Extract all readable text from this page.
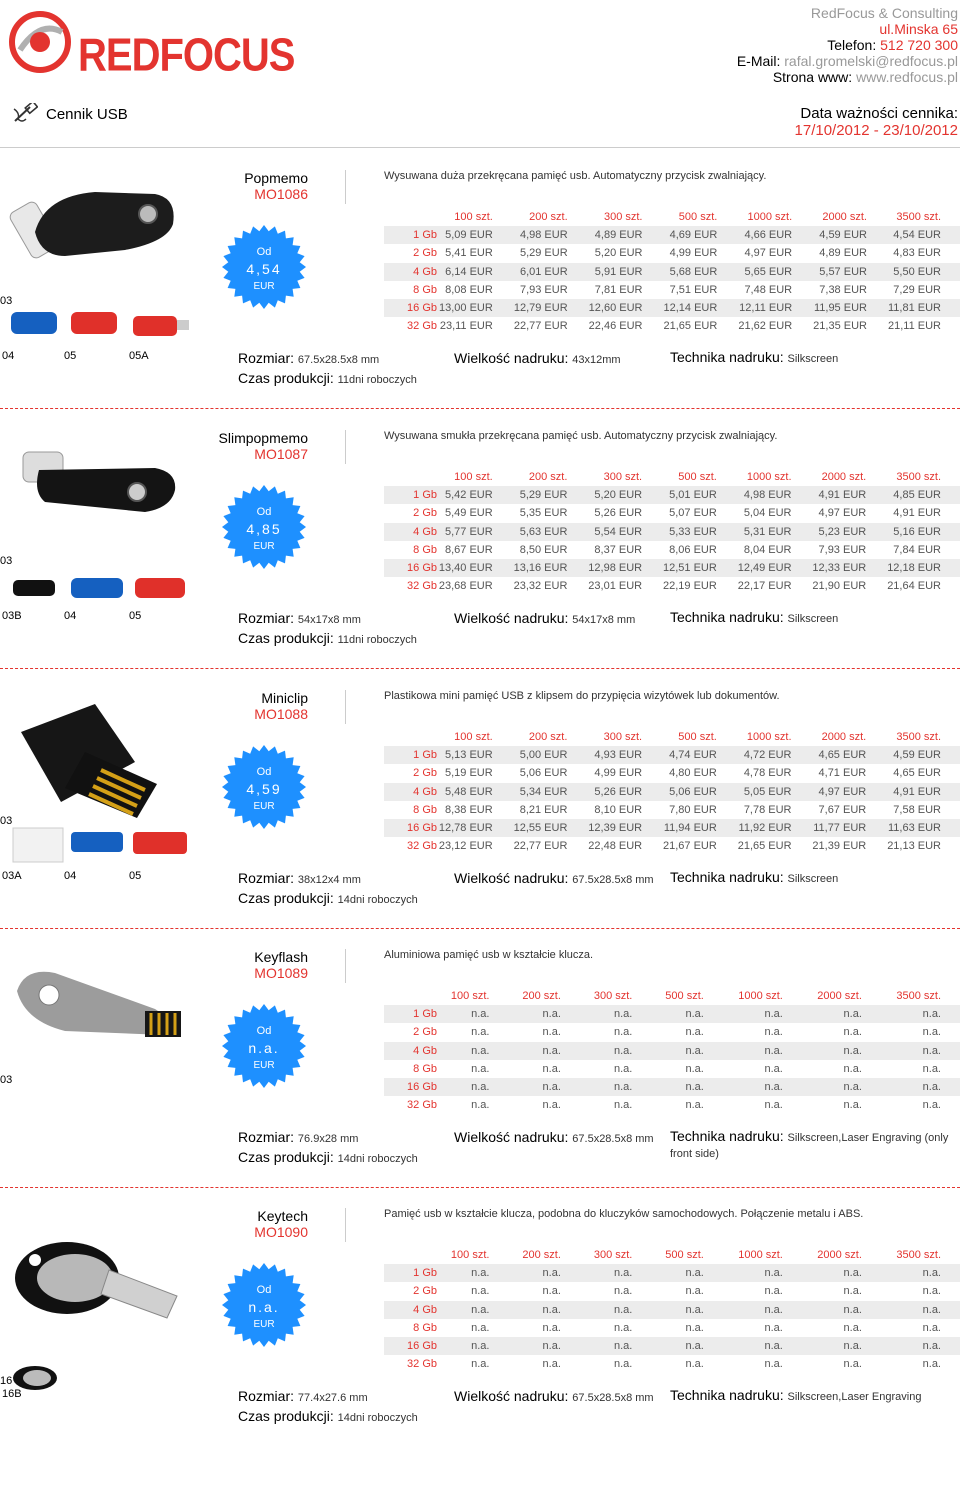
REDFOCUS
RedFocus & Consulting
ul.Minska 65
Telefon: 512 720 300
E-Mail: rafal.gromelski@redfocus.pl
Strona www: www.redfocus.pl
Cennik USB	Data ważności cennika:
17/10/2012 - 23/10/2012
03
04	05	05A
Popmemo
MO1086
Wysuwana duża przekręcana pamięć usb. Automatyczny przycisk zwalniający.
Od
4,54
EUR
	100 szt.	200 szt.	300 szt.	500 szt.	1000 szt.	2000 szt.	3500 szt.
1 Gb	5,09 EUR	4,98 EUR	4,89 EUR	4,69 EUR	4,66 EUR	4,59 EUR	4,54 EUR
2 Gb	5,41 EUR	5,29 EUR	5,20 EUR	4,99 EUR	4,97 EUR	4,89 EUR	4,83 EUR
4 Gb	6,14 EUR	6,01 EUR	5,91 EUR	5,68 EUR	5,65 EUR	5,57 EUR	5,50 EUR
8 Gb	8,08 EUR	7,93 EUR	7,81 EUR	7,51 EUR	7,48 EUR	7,38 EUR	7,29 EUR
16 Gb	13,00 EUR	12,79 EUR	12,60 EUR	12,14 EUR	12,11 EUR	11,95 EUR	11,81 EUR
32 Gb	23,11 EUR	22,77 EUR	22,46 EUR	21,65 EUR	21,62 EUR	21,35 EUR	21,11 EUR
Rozmiar: 67.5x28.5x8 mm	Wielkość nadruku: 43x12mm	Technika nadruku: Silkscreen
Czas produkcji: 11dni roboczych
03
03B	04	05
Slimpopmemo
MO1087
Wysuwana smukła przekręcana pamięć usb. Automatyczny przycisk zwalniający.
Od
4,85
EUR
	100 szt.	200 szt.	300 szt.	500 szt.	1000 szt.	2000 szt.	3500 szt.
1 Gb	5,42 EUR	5,29 EUR	5,20 EUR	5,01 EUR	4,98 EUR	4,91 EUR	4,85 EUR
2 Gb	5,49 EUR	5,35 EUR	5,26 EUR	5,07 EUR	5,04 EUR	4,97 EUR	4,91 EUR
4 Gb	5,77 EUR	5,63 EUR	5,54 EUR	5,33 EUR	5,31 EUR	5,23 EUR	5,16 EUR
8 Gb	8,67 EUR	8,50 EUR	8,37 EUR	8,06 EUR	8,04 EUR	7,93 EUR	7,84 EUR
16 Gb	13,40 EUR	13,16 EUR	12,98 EUR	12,51 EUR	12,49 EUR	12,33 EUR	12,18 EUR
32 Gb	23,68 EUR	23,32 EUR	23,01 EUR	22,19 EUR	22,17 EUR	21,90 EUR	21,64 EUR
Rozmiar: 54x17x8 mm	Wielkość nadruku: 54x17x8 mm Technika nadruku: Silkscreen
Czas produkcji: 11dni roboczych
03
03A	04	05
Miniclip
MO1088
Plastikowa mini pamięć USB z klipsem do przypięcia wizytówek lub dokumentów.
Od
4,59
EUR
	100 szt.	200 szt.	300 szt.	500 szt.	1000 szt.	2000 szt.	3500 szt.
1 Gb	5,13 EUR	5,00 EUR	4,93 EUR	4,74 EUR	4,72 EUR	4,65 EUR	4,59 EUR
2 Gb	5,19 EUR	5,06 EUR	4,99 EUR	4,80 EUR	4,78 EUR	4,71 EUR	4,65 EUR
4 Gb	5,48 EUR	5,34 EUR	5,26 EUR	5,06 EUR	5,05 EUR	4,97 EUR	4,91 EUR
8 Gb	8,38 EUR	8,21 EUR	8,10 EUR	7,80 EUR	7,78 EUR	7,67 EUR	7,58 EUR
16 Gb	12,78 EUR	12,55 EUR	12,39 EUR	11,94 EUR	11,92 EUR	11,77 EUR	11,63 EUR
32 Gb	23,12 EUR	22,77 EUR	22,48 EUR	21,67 EUR	21,65 EUR	21,39 EUR	21,13 EUR
Rozmiar: 38x12x4 mm	Wielkość nadruku: 67.5x28.5x8 mm Technika nadruku: Silkscreen
Czas produkcji: 14dni roboczych
03
Keyflash
MO1089
Aluminiowa pamięć usb w kształcie klucza.
Od
n.a.
EUR
	100 szt.	200 szt.	300 szt.	500 szt.	1000 szt.	2000 szt.	3500 szt.
1 Gb	n.a.	n.a.	n.a.	n.a.	n.a.	n.a.	n.a.
2 Gb	n.a.	n.a.	n.a.	n.a.	n.a.	n.a.	n.a.
4 Gb	n.a.	n.a.	n.a.	n.a.	n.a.	n.a.	n.a.
8 Gb	n.a.	n.a.	n.a.	n.a.	n.a.	n.a.	n.a.
16 Gb	n.a.	n.a.	n.a.	n.a.	n.a.	n.a.	n.a.
32 Gb	n.a.	n.a.	n.a.	n.a.	n.a.	n.a.	n.a.
Rozmiar: 76.9x28 mm	Wielkość nadruku: 67.5x28.5x8 mm Technika nadruku: Silkscreen,Laser Engraving (only front side)
Czas produkcji: 14dni roboczych
16
16B
Keytech
MO1090
Pamięć usb w kształcie klucza, podobna do kluczyków samochodowych. Połączenie metalu i ABS.
Od
n.a.
EUR
	100 szt.	200 szt.	300 szt.	500 szt.	1000 szt.	2000 szt.	3500 szt.
1 Gb	n.a.	n.a.	n.a.	n.a.	n.a.	n.a.	n.a.
2 Gb	n.a.	n.a.	n.a.	n.a.	n.a.	n.a.	n.a.
4 Gb	n.a.	n.a.	n.a.	n.a.	n.a.	n.a.	n.a.
8 Gb	n.a.	n.a.	n.a.	n.a.	n.a.	n.a.	n.a.
16 Gb	n.a.	n.a.	n.a.	n.a.	n.a.	n.a.	n.a.
32 Gb	n.a.	n.a.	n.a.	n.a.	n.a.	n.a.	n.a.
Rozmiar: 77.4x27.6 mm	Wielkość nadruku: 67.5x28.5x8 mm Technika nadruku: Silkscreen,Laser Engraving
Czas produkcji: 14dni roboczych
